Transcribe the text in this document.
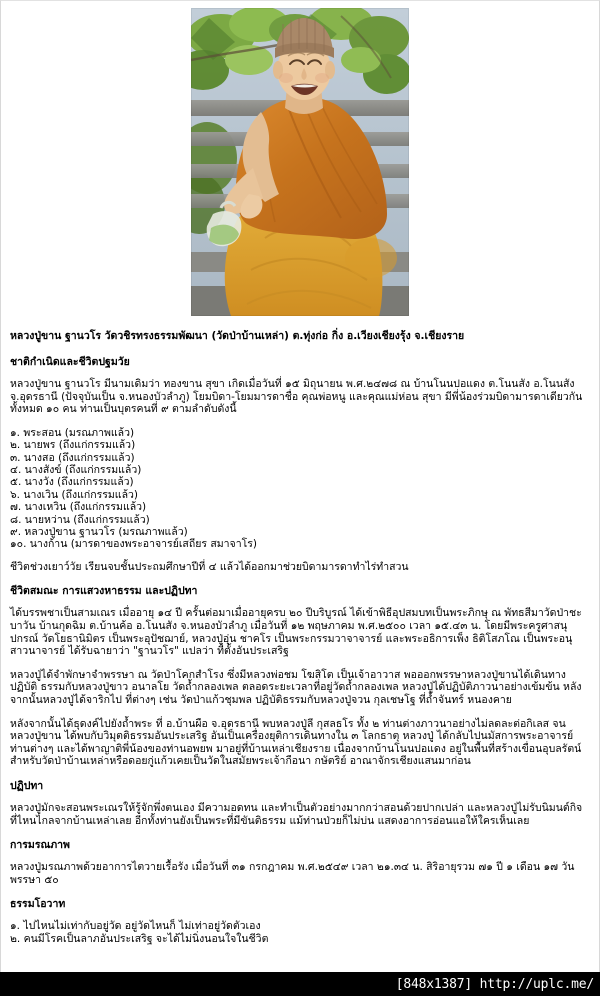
หลวงปู่ขาน ฐานวโร วัดวชิรทรงธรรมพัฒนา (วัดป่าบ้านเหล่า) ต.ทุ่งก่อ กิ่ง อ.เวียงเชียงรุ้ง จ.เชียงราย
ชาติกำเนิดและชีวิตปฐมวัย

หลวงปู่ขาน ฐานวโร มีนามเดิมว่า ทองขาน สุขา เกิดเมื่อวันที่ ๑๕ มิถุนายน พ.ศ.๒๔๗๘ ณ บ้านโนนปอแดง ต.โนนสัง อ.โนนสัง จ.อุดรธานี (ปัจจุบันเป็น จ.หนองบัวลำภู) โยมบิดา-โยมมารดาชื่อ คุณพ่อหนู และคุณแม่ห่อน สุขา มีพี่น้องร่วมบิดามารดาเดียวกันทั้งหมด ๑๐ คน ท่านเป็นบุตรคนที่ ๙ ตามลำดับดังนี้

๑. พระสอน (มรณภาพแล้ว)
๒. นายพร (ถึงแก่กรรมแล้ว)
๓. นางสอ (ถึงแก่กรรมแล้ว)
๔. นางสังข์ (ถึงแก่กรรมแล้ว)
๕. นางวัง (ถึงแก่กรรมแล้ว)
๖. นางเวิน (ถึงแก่กรรมแล้ว)
๗. นางเหวิน (ถึงแก่กรรมแล้ว)
๘. นายหว่าน (ถึงแก่กรรมแล้ว)
๙. หลวงปู่ขาน ฐานวโร (มรณภาพแล้ว)
๑๐. นางก้าน (มารดาของพระอาจารย์เสถียร สมาจาโร)

ชีวิตช่วงเยาว์วัย เรียนจบชั้นประถมศึกษาปีที่ ๔ แล้วได้ออกมาช่วยบิดามารดาทำไร่ทำสวน

ชีวิตสมณะ การแสวงหาธรรม และปฏิปทา

ได้บรรพชาเป็นสามเณร เมื่ออายุ ๑๔ ปี ครั้นต่อมาเมื่ออายุครบ ๒๐ ปีบริบูรณ์ ได้เข้าพิธีอุปสมบทเป็นพระภิกษุ ณ พัทธสีมาวัดป่าชะบาวัน บ้านกุดฉิม ต.บ้านค้อ อ.โนนสัง จ.หนองบัวลำภู เมื่อวันที่ ๑๒ พฤษภาคม พ.ศ.๒๕๐๐ เวลา ๑๕.๔๓ น. โดยมีพระครูศาสนุปกรณ์ วัดโยธานิมิตร เป็นพระอุปัชฌาย์, หลวงปู่อุ่น ชาคโร เป็นพระกรรมวาจาจารย์ และพระอธิการเพ็ง ธิติโสภโณ เป็นพระอนุสาวนาจารย์ ได้รับฉายาว่า "ฐานวโร" แปลว่า ที่ตั้งอันประเสริฐ

หลวงปู่ได้จำพักษาจำพรรษา ณ วัดป่าโคกสำโรง ซึ่งมีหลวงพ่อชม โฆสิโต เป็นเจ้าอาวาส พอออกพรรษาหลวงปู่ขานได้เดินทางปฏิบัติ ธรรมกับหลวงปู่ขาว อนาลโย วัดถ้ำกลองเพล ตลอดระยะเวลาที่อยู่วัดถ้ำกลองเพล หลวงปู่ได้ปฏิบัติภาวนาอย่างเข้มข้น หลังจากนั้นหลวงปู่ได้จาริกไป ที่ต่างๆ เช่น วัดป่าแก้วชุมพล ปฏิบัติธรรมกับหลวงปู่จวน กุลเชษโฐ ที่ถ้ำจันทร์ หนองคาย

หลังจากนั้นได้ธุดงค์ไปยังถ้ำพระ ที่ อ.บ้านผือ จ.อุดรธานี พบหลวงปู่ลี กุสลธโร ทั้ง ๒ ท่านต่างภาวนาอย่างไม่ลดละต่อกิเลส จนหลวงปู่ขาน ได้พบกับวิมุตติธรรมอันประเสริฐ อันเป็นเครื่องยุติการเดินทางใน ๓ โลกธาตุ หลวงปู่ ได้กลับไปนมัสการพระอาจารย์ท่านต่างๆ และได้พาญาติพี่น้องของท่านอพยพ มาอยู่ที่บ้านเหล่าเชียงราย เนื่องจากบ้านโนนปอแดง อยู่ในพื้นที่สร้างเขื่อนอุบลรัตน์ สำหรับวัดป่าบ้านเหล่าหรือดอยกู่แก้วเคยเป็นวัดในสมัยพระเจ้ากือนา กษัตริย์ อาณาจักรเชียงแสนมาก่อน

ปฏิปทา

หลวงปู่มักจะสอนพระเณรให้รู้จักพึ่งตนเอง มีความอดทน และทำเป็นตัวอย่างมากกว่าสอนด้วยปากเปล่า และหลวงปู่ไม่รับนิมนต์กิจ ที่ไหนไกลจากบ้านเหล่าเลย อีกทั้งท่านยังเป็นพระที่มีขันติธรรม แม้ท่านป่วยก็ไม่บ่น แสดงอาการอ่อนแอให้ใครเห็นเลย

การมรณภาพ

หลวงปู่มรณภาพด้วยอาการไตวายเรื้อรัง เมื่อวันที่ ๓๑ กรกฎาคม พ.ศ.๒๕๔๙ เวลา ๒๑.๓๔ น. สิริอายุรวม ๗๑ ปี ๑ เดือน ๑๗ วัน พรรษา ๕๐

ธรรมโอวาท
๑. ไปไหนไม่เท่ากับอยู่วัด อยู่วัดไหนก็ ไม่เท่าอยู่วัดตัวเอง
๒. คนมีโรคเป็นลาภอันประเสริฐ จะได้ไม่นิ่งนอนใจในชีวิต
[848x1387] http://uplc.me/
